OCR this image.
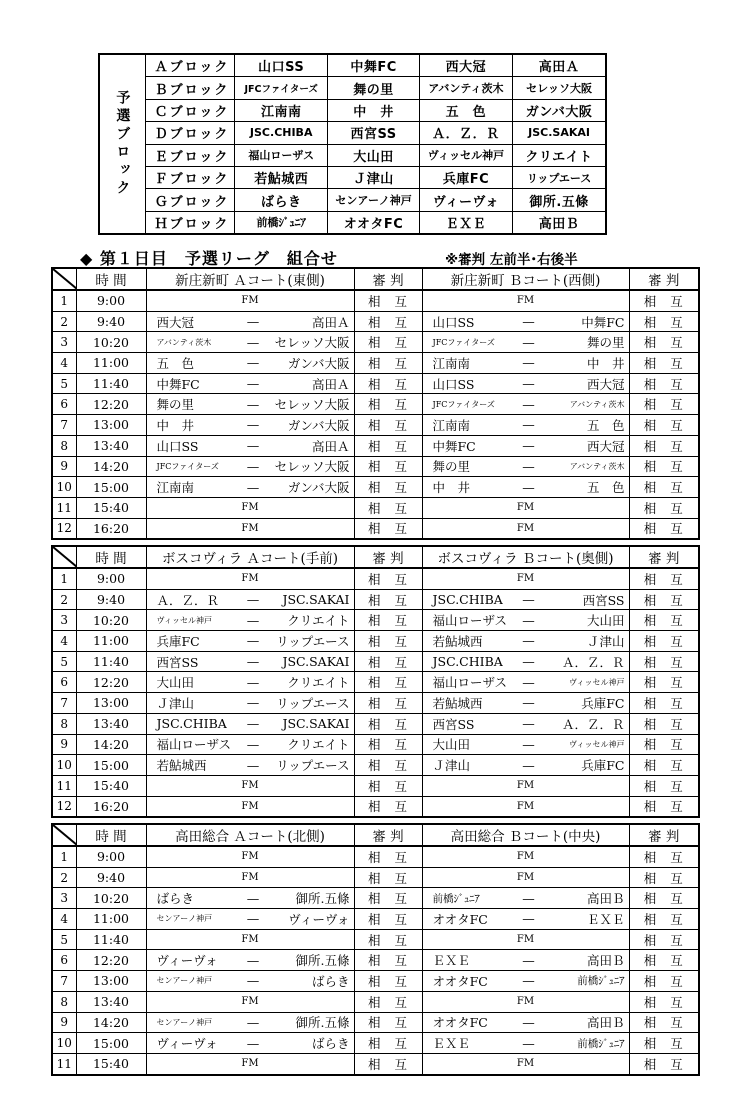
予選ブロック	Ａブロック	山口SS	中舞FC	西大冠	高田Ａ
	Ｂブロック	JFCファイターズ	舞の里	アバンティ茨木	セレッソ大阪
	Ｃブロック	江南南	中　井	五　色	ガンバ大阪
	Ｄブロック	JSC.CHIBA	西宮SS	Ａ．Ｚ．Ｒ	JSC.SAKAI
	Ｅブロック	福山ローザス	大山田	ヴィッセル神戸	クリエイト
	Ｆブロック	若鮎城西	Ｊ津山	兵庫FC	リップエース
	Ｇブロック	ばらき	センアーノ神戸	ヴィーヴォ	御所.五條
	Ｈブロック	前橋ｼﾞｭﾆｱ	オオタFC	ＥＸＥ	高田Ｂ
◆ 第１日目　予選リーグ　組合せ	※審判 左前半･右後半
	時 間	新庄新町 Ａコート(東側)	審 判	新庄新町 Ｂコート(西側)	審 判
1	9:00	FM	相 互	FM	相 互
2	9:40	西大冠 — 高田Ａ	相 互	山口SS — 中舞FC	相 互
3	10:20	アバンティ茨木 — セレッソ大阪	相 互	JFCファイターズ — 舞の里	相 互
4	11:00	五　色 — ガンバ大阪	相 互	江南南 — 中　井	相 互
5	11:40	中舞FC — 高田Ａ	相 互	山口SS — 西大冠	相 互
6	12:20	舞の里 — セレッソ大阪	相 互	JFCファイターズ — アバンティ茨木	相 互
7	13:00	中　井 — ガンバ大阪	相 互	江南南 — 五　色	相 互
8	13:40	山口SS — 高田Ａ	相 互	中舞FC — 西大冠	相 互
9	14:20	JFCファイターズ — セレッソ大阪	相 互	舞の里 — アバンティ茨木	相 互
10	15:00	江南南 — ガンバ大阪	相 互	中　井 — 五　色	相 互
11	15:40	FM	相 互	FM	相 互
12	16:20	FM	相 互	FM	相 互
	時 間	ボスコヴィラ Ａコート(手前)	審 判	ボスコヴィラ Ｂコート(奥側)	審 判
1	9:00	FM	相 互	FM	相 互
2	9:40	Ａ．Ｚ．Ｒ — JSC.SAKAI	相 互	JSC.CHIBA — 西宮SS	相 互
3	10:20	ヴィッセル神戸 — クリエイト	相 互	福山ローザス — 大山田	相 互
4	11:00	兵庫FC — リップエース	相 互	若鮎城西 — Ｊ津山	相 互
5	11:40	西宮SS — JSC.SAKAI	相 互	JSC.CHIBA — Ａ．Ｚ．Ｒ	相 互
6	12:20	大山田 — クリエイト	相 互	福山ローザス — ヴィッセル神戸	相 互
7	13:00	Ｊ津山 — リップエース	相 互	若鮎城西 — 兵庫FC	相 互
8	13:40	JSC.CHIBA — JSC.SAKAI	相 互	西宮SS — Ａ．Ｚ．Ｒ	相 互
9	14:20	福山ローザス — クリエイト	相 互	大山田 — ヴィッセル神戸	相 互
10	15:00	若鮎城西 — リップエース	相 互	Ｊ津山 — 兵庫FC	相 互
11	15:40	FM	相 互	FM	相 互
12	16:20	FM	相 互	FM	相 互
	時 間	高田総合 Ａコート(北側)	審 判	高田総合 Ｂコート(中央)	審 判
1	9:00	FM	相 互	FM	相 互
2	9:40	FM	相 互	FM	相 互
3	10:20	ばらき — 御所.五條	相 互	前橋ｼﾞｭﾆｱ — 高田Ｂ	相 互
4	11:00	センアーノ神戸 — ヴィーヴォ	相 互	オオタFC — ＥＸＥ	相 互
5	11:40	FM	相 互	FM	相 互
6	12:20	ヴィーヴォ — 御所.五條	相 互	ＥＸＥ — 高田Ｂ	相 互
7	13:00	センアーノ神戸 — ばらき	相 互	オオタFC — 前橋ｼﾞｭﾆｱ	相 互
8	13:40	FM	相 互	FM	相 互
9	14:20	センアーノ神戸 — 御所.五條	相 互	オオタFC — 高田Ｂ	相 互
10	15:00	ヴィーヴォ — ばらき	相 互	ＥＸＥ — 前橋ｼﾞｭﾆｱ	相 互
11	15:40	FM	相 互	FM	相 互
